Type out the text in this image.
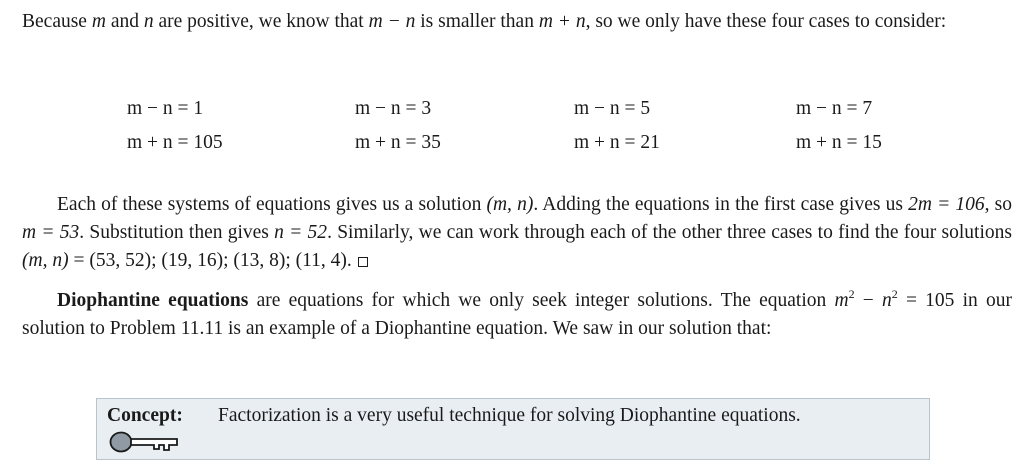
Because m and n are positive, we know that m − n is smaller than m + n, so we only have these four cases to consider:

m − n = 1
m + n = 105
m − n = 3
m + n = 35
m − n = 5
m + n = 21
m − n = 7
m + n = 15

Each of these systems of equations gives us a solution (m, n). Adding the equations in the first case gives us 2m = 106, so m = 53. Substitution then gives n = 52. Similarly, we can work through each of the other three cases to find the four solutions (m, n) = (53, 52); (19, 16); (13, 8); (11, 4).

Diophantine equations are equations for which we only seek integer solutions. The equation $m^2 - n^2 = 105$ in our solution to Problem 11.11 is an example of a Diophantine equation. We saw in our solution that:

Concept: Factorization is a very useful technique for solving Diophantine equations.
